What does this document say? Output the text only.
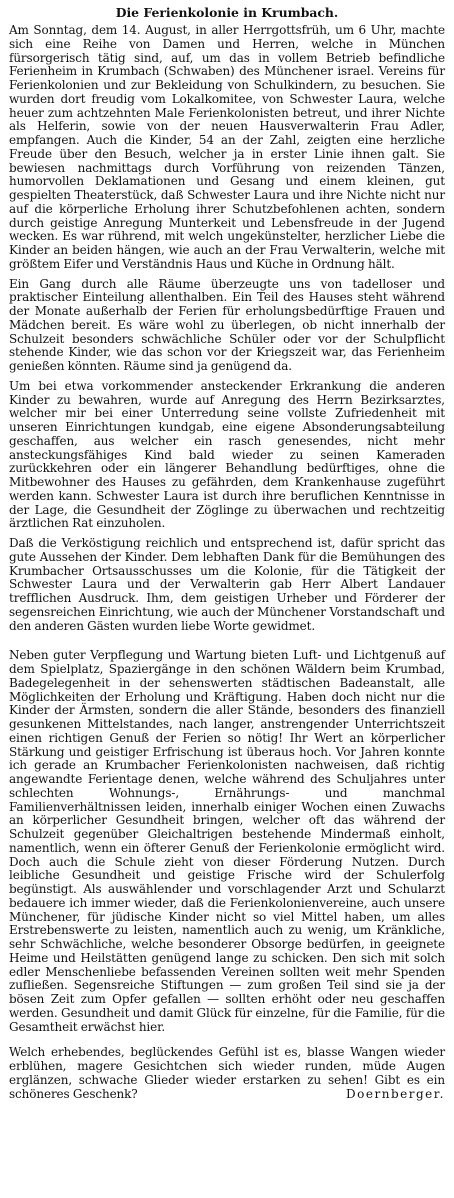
Die Ferienkolonie in Krumbach.

Am Sonntag, dem 14. August, in aller Herrgottsfrüh, um 6 Uhr, machte sich eine Reihe von Damen und Herren, welche in München fürsorgerisch tätig sind, auf, um das in vollem Betrieb befindliche Ferienheim in Krumbach (Schwaben) des Münchener israel. Vereins für Ferienkolonien und zur Bekleidung von Schulkindern, zu besuchen. Sie wurden dort freudig vom Lokalkomitee, von Schwester Laura, welche heuer zum achtzehnten Male Ferienkolonisten betreut, und ihrer Nichte als Helferin, sowie von der neuen Hausverwalterin Frau Adler, empfangen. Auch die Kinder, 54 an der Zahl, zeigten eine herzliche Freude über den Besuch, welcher ja in erster Linie ihnen galt. Sie bewiesen nachmittags durch Vorführung von reizenden Tänzen, humorvollen Deklamationen und Gesang und einem kleinen, gut gespielten Theaterstück, daß Schwester Laura und ihre Nichte nicht nur auf die körperliche Erholung ihrer Schutzbefohlenen achten, sondern durch geistige Anregung Munterkeit und Lebensfreude in der Jugend wecken. Es war rührend, mit welch ungekünstelter, herzlicher Liebe die Kinder an beiden hängen, wie auch an der Frau Verwalterin, welche mit größtem Eifer und Verständnis Haus und Küche in Ordnung hält.

Ein Gang durch alle Räume überzeugte uns von tadelloser und praktischer Einteilung allenthalben. Ein Teil des Hauses steht während der Monate außerhalb der Ferien für erholungsbedürftige Frauen und Mädchen bereit. Es wäre wohl zu überlegen, ob nicht innerhalb der Schulzeit besonders schwächliche Schüler oder vor der Schulpflicht stehende Kinder, wie das schon vor der Kriegszeit war, das Ferienheim genießen könnten. Räume sind ja genügend da.

Um bei etwa vorkommender ansteckender Erkrankung die anderen Kinder zu bewahren, wurde auf Anregung des Herrn Bezirksarztes, welcher mir bei einer Unterredung seine vollste Zufriedenheit mit unseren Einrichtungen kundgab, eine eigene Absonderungsabteilung geschaffen, aus welcher ein rasch genesendes, nicht mehr ansteckungsfähiges Kind bald wieder zu seinen Kameraden zurückkehren oder ein längerer Behandlung bedürftiges, ohne die Mitbewohner des Hauses zu gefährden, dem Krankenhause zugeführt werden kann. Schwester Laura ist durch ihre beruflichen Kenntnisse in der Lage, die Gesundheit der Zöglinge zu überwachen und rechtzeitig ärztlichen Rat einzuholen.

Daß die Verköstigung reichlich und entsprechend ist, dafür spricht das gute Aussehen der Kinder. Dem lebhaften Dank für die Bemühungen des Krumbacher Ortsausschusses um die Kolonie, für die Tätigkeit der Schwester Laura und der Verwalterin gab Herr Albert Landauer trefflichen Ausdruck. Ihm, dem geistigen Urheber und Förderer der segensreichen Einrichtung, wie auch der Münchener Vorstandschaft und den anderen Gästen wurden liebe Worte gewidmet.

Neben guter Verpflegung und Wartung bieten Luft- und Lichtgenuß auf dem Spielplatz, Spaziergänge in den schönen Wäldern beim Krumbad, Badegelegenheit in der sehenswerten städtischen Badeanstalt, alle Möglichkeiten der Erholung und Kräftigung. Haben doch nicht nur die Kinder der Ärmsten, sondern die aller Stände, besonders des finanziell gesunkenen Mittelstandes, nach langer, anstrengender Unterrichtszeit einen richtigen Genuß der Ferien so nötig! Ihr Wert an körperlicher Stärkung und geistiger Erfrischung ist überaus hoch. Vor Jahren konnte ich gerade an Krumbacher Ferienkolonisten nachweisen, daß richtig angewandte Ferientage denen, welche während des Schuljahres unter schlechten Wohnungs-, Ernährungs- und manchmal Familienverhältnissen leiden, innerhalb einiger Wochen einen Zuwachs an körperlicher Gesundheit bringen, welcher oft das während der Schulzeit gegenüber Gleichaltrigen bestehende Mindermaß einholt, namentlich, wenn ein öfterer Genuß der Ferienkolonie ermöglicht wird. Doch auch die Schule zieht von dieser Förderung Nutzen. Durch leibliche Gesundheit und geistige Frische wird der Schulerfolg begünstigt. Als auswählender und vorschlagender Arzt und Schularzt bedauere ich immer wieder, daß die Ferienkolonienvereine, auch unsere Münchener, für jüdische Kinder nicht so viel Mittel haben, um alles Erstrebenswerte zu leisten, namentlich auch zu wenig, um Kränkliche, sehr Schwächliche, welche besonderer Obsorge bedürfen, in geeignete Heime und Heilstätten genügend lange zu schicken. Den sich mit solch edler Menschenliebe befassenden Vereinen sollten weit mehr Spenden zufließen. Segensreiche Stiftungen — zum großen Teil sind sie ja der bösen Zeit zum Opfer gefallen — sollten erhöht oder neu geschaffen werden. Gesundheit und damit Glück für einzelne, für die Familie, für die Gesamtheit erwächst hier.

Welch erhebendes, beglückendes Gefühl ist es, blasse Wangen wieder erblühen, magere Gesichtchen sich wieder runden, müde Augen erglänzen, schwache Glieder wieder erstarken zu sehen! Gibt es ein schöneres Geschenk?	Doernberger.
